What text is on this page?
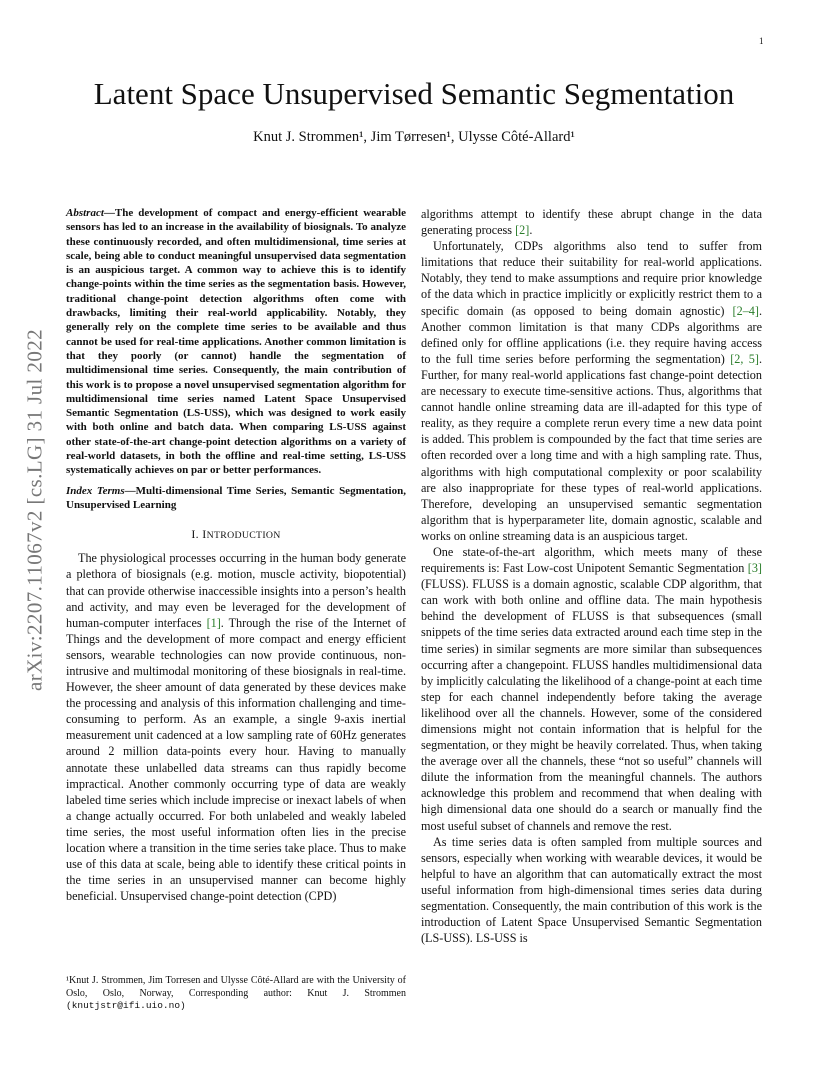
1
arXiv:2207.11067v2 [cs.LG] 31 Jul 2022
Latent Space Unsupervised Semantic Segmentation
Knut J. Strommen¹, Jim Tørresen¹, Ulysse Côté-Allard¹

Abstract—The development of compact and energy-efficient wearable sensors has led to an increase in the availability of biosignals. To analyze these continuously recorded, and often multidimensional, time series at scale, being able to conduct meaningful unsupervised data segmentation is an auspicious target. A common way to achieve this is to identify change-points within the time series as the segmentation basis. However, traditional change-point detection algorithms often come with drawbacks, limiting their real-world applicability. Notably, they generally rely on the complete time series to be available and thus cannot be used for real-time applications. Another common limitation is that they poorly (or cannot) handle the segmentation of multidimensional time series. Consequently, the main contribution of this work is to propose a novel unsupervised segmentation algorithm for multidimensional time series named Latent Space Unsupervised Semantic Segmentation (LS-USS), which was designed to work easily with both online and batch data. When comparing LS-USS against other state-of-the-art change-point detection algorithms on a variety of real-world datasets, in both the offline and real-time setting, LS-USS systematically achieves on par or better performances.

Index Terms—Multi-dimensional Time Series, Semantic Segmentation, Unsupervised Learning

I. INTRODUCTION

The physiological processes occurring in the human body generate a plethora of biosignals (e.g. motion, muscle activity, biopotential) that can provide otherwise inaccessible insights into a person’s health and activity, and may even be leveraged for the development of human-computer interfaces [1]. Through the rise of the Internet of Things and the development of more compact and energy efficient sensors, wearable technologies can now provide continuous, non-intrusive and multimodal monitoring of these biosignals in real-time. However, the sheer amount of data generated by these devices make the processing and analysis of this information challenging and time-consuming to perform. As an example, a single 9-axis inertial measurement unit cadenced at a low sampling rate of 60Hz generates around 2 million data-points every hour. Having to manually annotate these unlabelled data streams can thus rapidly become impractical. Another commonly occurring type of data are weakly labeled time series which include imprecise or inexact labels of when a change actually occurred. For both unlabeled and weakly labeled time series, the most useful information often lies in the precise location where a transition in the time series take place. Thus to make use of this data at scale, being able to identify these critical points in the time series in an unsupervised manner can become highly beneficial. Unsupervised change-point detection (CPD)

¹Knut J. Strommen, Jim Torresen and Ulysse Côté-Allard are with the University of Oslo, Oslo, Norway, Corresponding author: Knut J. Strommen (knutjstr@ifi.uio.no)

algorithms attempt to identify these abrupt change in the data generating process [2].

Unfortunately, CDPs algorithms also tend to suffer from limitations that reduce their suitability for real-world applications. Notably, they tend to make assumptions and require prior knowledge of the data which in practice implicitly or explicitly restrict them to a specific domain (as opposed to being domain agnostic) [2–4]. Another common limitation is that many CDPs algorithms are defined only for offline applications (i.e. they require having access to the full time series before performing the segmentation) [2, 5]. Further, for many real-world applications fast change-point detection are necessary to execute time-sensitive actions. Thus, algorithms that cannot handle online streaming data are ill-adapted for this type of reality, as they require a complete rerun every time a new data point is added. This problem is compounded by the fact that time series are often recorded over a long time and with a high sampling rate. Thus, algorithms with high computational complexity or poor scalability are also inappropriate for these types of real-world applications. Therefore, developing an unsupervised semantic segmentation algorithm that is hyperparameter lite, domain agnostic, scalable and works on online streaming data is an auspicious target.

One state-of-the-art algorithm, which meets many of these requirements is: Fast Low-cost Unipotent Semantic Segmentation [3] (FLUSS). FLUSS is a domain agnostic, scalable CDP algorithm, that can work with both online and offline data. The main hypothesis behind the development of FLUSS is that subsequences (small snippets of the time series data extracted around each time step in the time series) in similar segments are more similar than subsequences occurring after a changepoint. FLUSS handles multidimensional data by implicitly calculating the likelihood of a change-point at each time step for each channel independently before taking the average likelihood over all the channels. However, some of the considered dimensions might not contain information that is helpful for the segmentation, or they might be heavily correlated. Thus, when taking the average over all the channels, these “not so useful” channels will dilute the information from the meaningful channels. The authors acknowledge this problem and recommend that when dealing with high dimensional data one should do a search or manually find the most useful subset of channels and remove the rest.

As time series data is often sampled from multiple sources and sensors, especially when working with wearable devices, it would be helpful to have an algorithm that can automatically extract the most useful information from high-dimensional times series data during segmentation. Consequently, the main contribution of this work is the introduction of Latent Space Unsupervised Semantic Segmentation (LS-USS). LS-USS is
